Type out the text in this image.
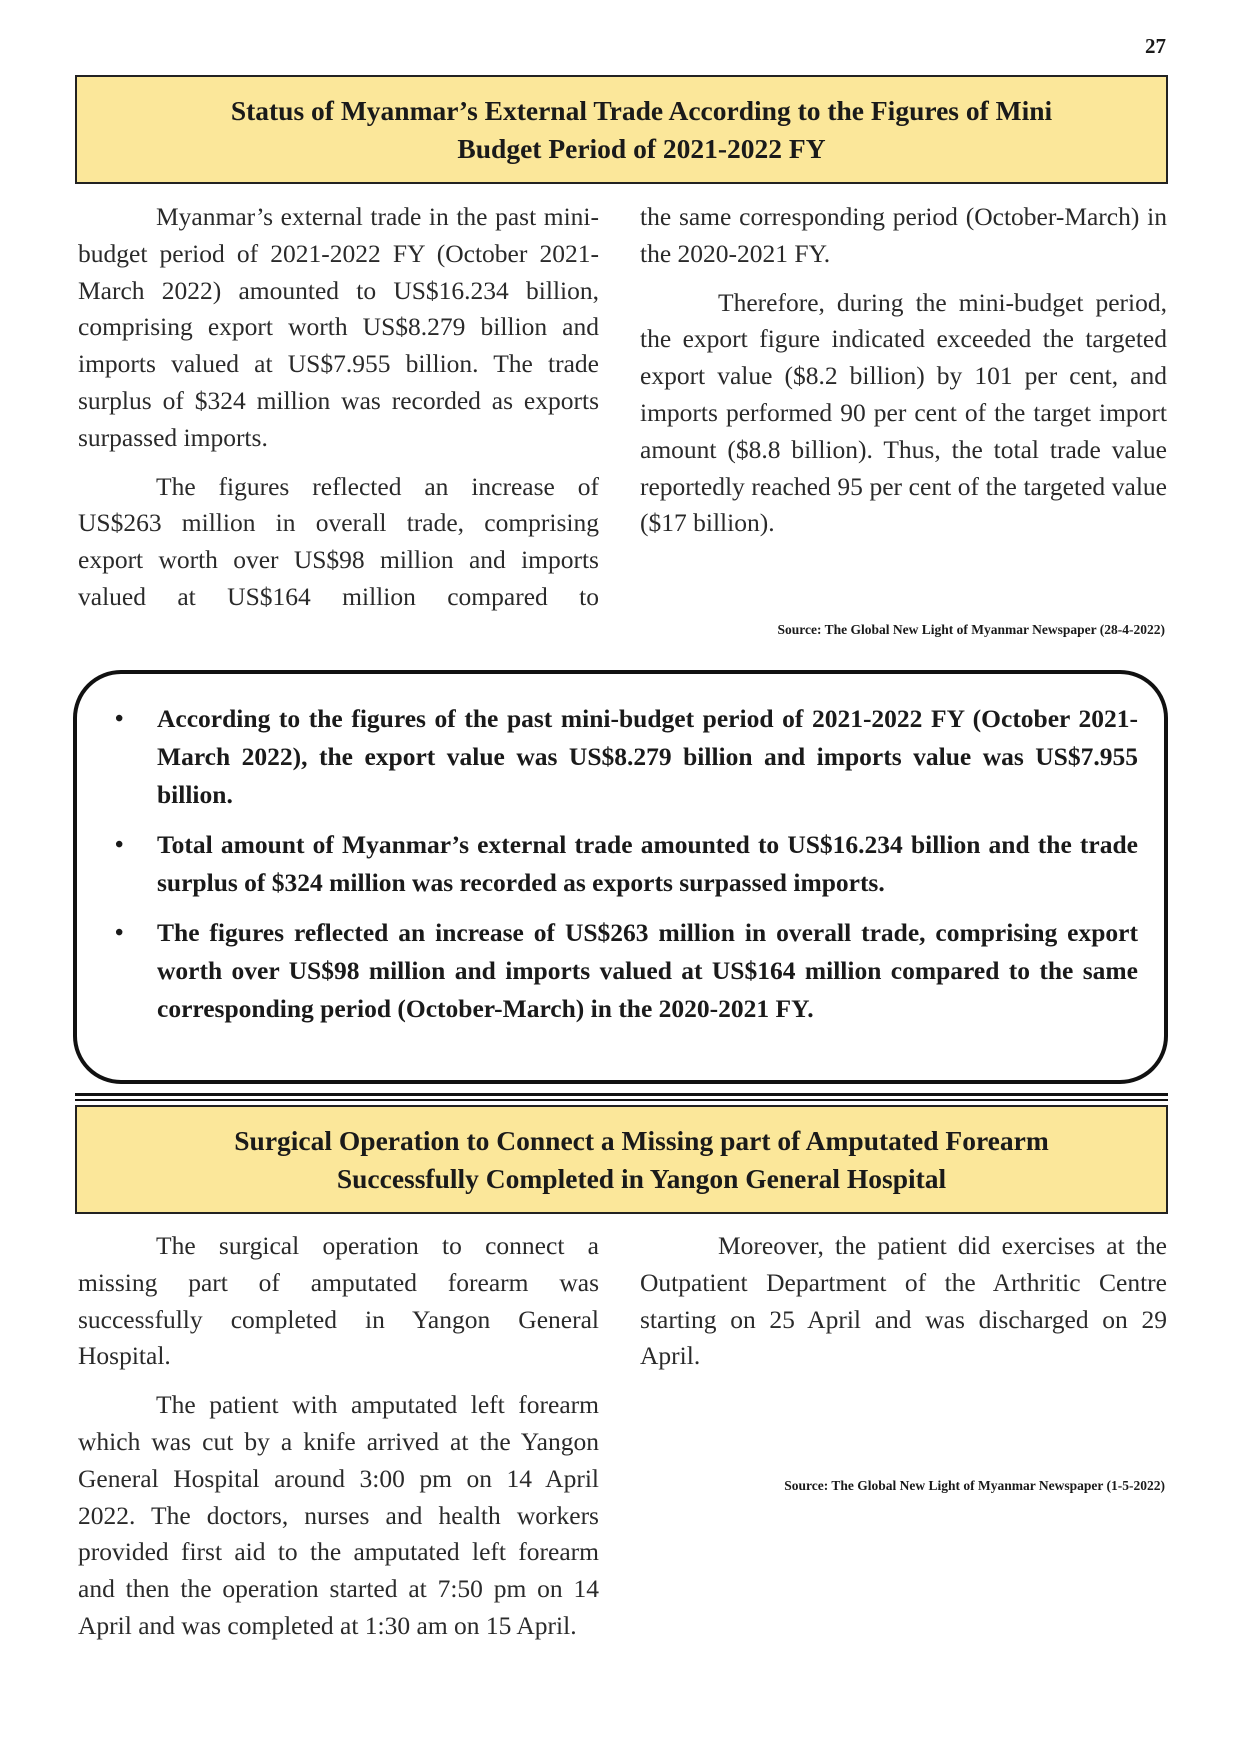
27
Status of Myanmar’s External Trade According to the Figures of Mini
Budget Period of 2021-2022 FY

Myanmar’s external trade in the past mini-budget period of 2021-2022 FY (October 2021-March 2022) amounted to US$16.234 billion, comprising export worth US$8.279 billion and imports valued at US$7.955 billion. The trade surplus of $324 million was recorded as exports surpassed imports.

The figures reflected an increase of US$263 million in overall trade, comprising export worth over US$98 million and imports valued at US$164 million compared to

the same corresponding period (October-March) in the 2020-2021 FY.

Therefore, during the mini-budget period, the export figure indicated exceeded the targeted export value ($8.2 billion) by 101 per cent, and imports performed 90 per cent of the target import amount ($8.8 billion). Thus, the total trade value reportedly reached 95 per cent of the targeted value ($17 billion).

Source: The Global New Light of Myanmar Newspaper (28-4-2022)
• According to the figures of the past mini-budget period of 2021-2022 FY (October 2021-March 2022), the export value was US$8.279 billion and imports value was US$7.955 billion.
• Total amount of Myanmar’s external trade amounted to US$16.234 billion and the trade surplus of $324 million was recorded as exports surpassed imports.
• The figures reflected an increase of US$263 million in overall trade, comprising export worth over US$98 million and imports valued at US$164 million compared to the same corresponding period (October-March) in the 2020-2021 FY.
Surgical Operation to Connect a Missing part of Amputated Forearm
Successfully Completed in Yangon General Hospital

The surgical operation to connect a missing part of amputated forearm was successfully completed in Yangon General Hospital.

The patient with amputated left forearm which was cut by a knife arrived at the Yangon General Hospital around 3:00 pm on 14 April 2022. The doctors, nurses and health workers provided first aid to the amputated left forearm and then the operation started at 7:50 pm on 14 April and was completed at 1:30 am on 15 April.

Moreover, the patient did exercises at the Outpatient Department of the Arthritic Centre starting on 25 April and was discharged on 29 April.

Source: The Global New Light of Myanmar Newspaper (1-5-2022)
